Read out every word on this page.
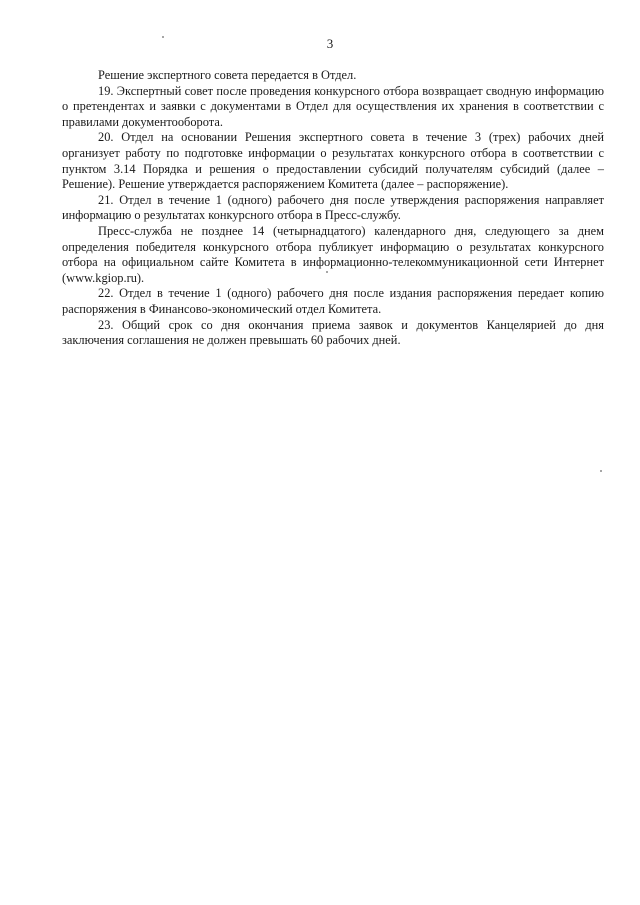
3

Решение экспертного совета передается в Отдел.

19. Экспертный совет после проведения конкурсного отбора возвращает сводную информацию о претендентах и заявки с документами в Отдел для осуществления их хранения в соответствии с правилами документооборота.

20. Отдел на основании Решения экспертного совета в течение 3 (трех) рабочих дней организует работу по подготовке информации о результатах конкурсного отбора в соответствии с пунктом 3.14 Порядка и решения о предоставлении субсидий получателям субсидий (далее – Решение). Решение утверждается распоряжением Комитета (далее – распоряжение).

21. Отдел в течение 1 (одного) рабочего дня после утверждения распоряжения направляет информацию о результатах конкурсного отбора в Пресс-службу.

Пресс-служба не позднее 14 (четырнадцатого) календарного дня, следующего за днем определения победителя конкурсного отбора публикует информацию о результатах конкурсного отбора на официальном сайте Комитета в информационно-телекоммуникационной сети Интернет (www.kgiop.ru).

22. Отдел в течение 1 (одного) рабочего дня после издания распоряжения передает копию распоряжения в Финансово-экономический отдел Комитета.

23. Общий срок со дня окончания приема заявок и документов Канцелярией до дня заключения соглашения не должен превышать 60 рабочих дней.
